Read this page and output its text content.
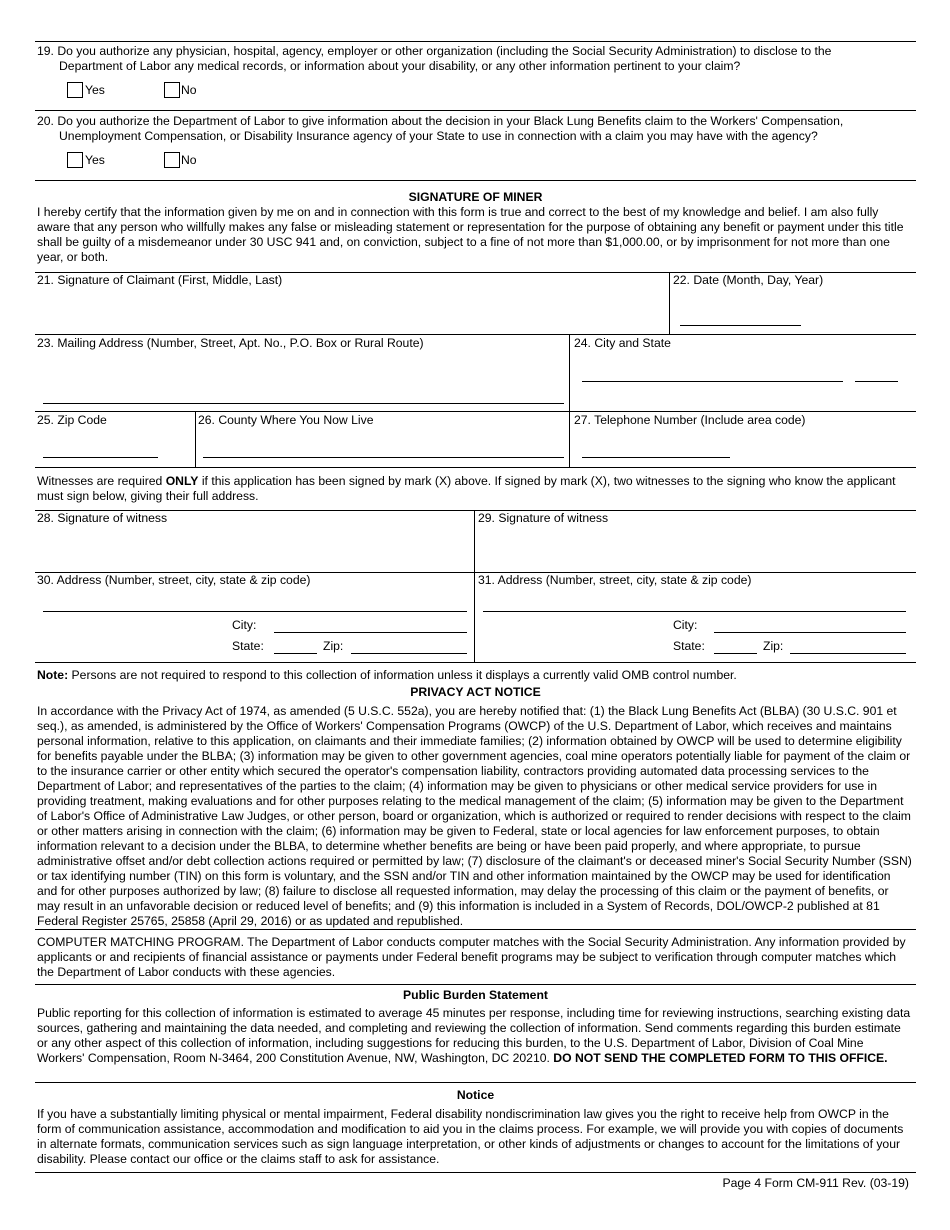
19. Do you authorize any physician, hospital, agency, employer or other organization (including the Social Security Administration) to disclose to the
Department of Labor any medical records, or information about your disability, or any other information pertinent to your claim?
Yes	No
20. Do you authorize the Department of Labor to give information about the decision in your Black Lung Benefits claim to the Workers' Compensation,
Unemployment Compensation, or Disability Insurance agency of your State to use in connection with a claim you may have with the agency?
Yes	No
SIGNATURE OF MINER
I hereby certify that the information given by me on and in connection with this form is true and correct to the best of my knowledge and belief. I am also fully aware that any person who willfully makes any false or misleading statement or representation for the purpose of obtaining any benefit or payment under this title shall be guilty of a misdemeanor under 30 USC 941 and, on conviction, subject to a fine of not more than $1,000.00, or by imprisonment for not more than one year, or both.
21. Signature of Claimant (First, Middle, Last)	22. Date (Month, Day, Year)
23. Mailing Address (Number, Street, Apt. No., P.O. Box or Rural Route)	24. City and State
25. Zip Code	26. County Where You Now Live	27. Telephone Number (Include area code)
Witnesses are required ONLY if this application has been signed by mark (X) above. If signed by mark (X), two witnesses to the signing who know the applicant must sign below, giving their full address.
28. Signature of witness	29. Signature of witness
30. Address (Number, street, city, state & zip code)	31. Address (Number, street, city, state & zip code)
City:
State:	Zip:
City:
State:	Zip:
Note: Persons are not required to respond to this collection of information unless it displays a currently valid OMB control number.
PRIVACY ACT NOTICE
In accordance with the Privacy Act of 1974, as amended (5 U.S.C. 552a), you are hereby notified that: (1) the Black Lung Benefits Act (BLBA) (30 U.S.C. 901 et seq.), as amended, is administered by the Office of Workers' Compensation Programs (OWCP) of the U.S. Department of Labor, which receives and maintains personal information, relative to this application, on claimants and their immediate families; (2) information obtained by OWCP will be used to determine eligibility for benefits payable under the BLBA; (3) information may be given to other government agencies, coal mine operators potentially liable for payment of the claim or to the insurance carrier or other entity which secured the operator's compensation liability, contractors providing automated data processing services to the Department of Labor; and representatives of the parties to the claim; (4) information may be given to physicians or other medical service providers for use in providing treatment, making evaluations and for other purposes relating to the medical management of the claim; (5) information may be given to the Department of Labor's Office of Administrative Law Judges, or other person, board or organization, which is authorized or required to render decisions with respect to the claim or other matters arising in connection with the claim; (6) information may be given to Federal, state or local agencies for law enforcement purposes, to obtain information relevant to a decision under the BLBA, to determine whether benefits are being or have been paid properly, and where appropriate, to pursue administrative offset and/or debt collection actions required or permitted by law; (7) disclosure of the claimant's or deceased miner's Social Security Number (SSN) or tax identifying number (TIN) on this form is voluntary, and the SSN and/or TIN and other information maintained by the OWCP may be used for identification and for other purposes authorized by law; (8) failure to disclose all requested information, may delay the processing of this claim or the payment of benefits, or may result in an unfavorable decision or reduced level of benefits; and (9) this information is included in a System of Records, DOL/OWCP-2 published at 81 Federal Register 25765, 25858 (April 29, 2016) or as updated and republished.
COMPUTER MATCHING PROGRAM. The Department of Labor conducts computer matches with the Social Security Administration. Any information provided by applicants or and recipients of financial assistance or payments under Federal benefit programs may be subject to verification through computer matches which the Department of Labor conducts with these agencies.
Public Burden Statement
Public reporting for this collection of information is estimated to average 45 minutes per response, including time for reviewing instructions, searching existing data sources, gathering and maintaining the data needed, and completing and reviewing the collection of information. Send comments regarding this burden estimate or any other aspect of this collection of information, including suggestions for reducing this burden, to the U.S. Department of Labor, Division of Coal Mine Workers' Compensation, Room N-3464, 200 Constitution Avenue, NW, Washington, DC 20210. DO NOT SEND THE COMPLETED FORM TO THIS OFFICE.
Notice
If you have a substantially limiting physical or mental impairment, Federal disability nondiscrimination law gives you the right to receive help from OWCP in the form of communication assistance, accommodation and modification to aid you in the claims process. For example, we will provide you with copies of documents in alternate formats, communication services such as sign language interpretation, or other kinds of adjustments or changes to account for the limitations of your disability. Please contact our office or the claims staff to ask for assistance.
Page 4 Form CM-911 Rev. (03-19)
